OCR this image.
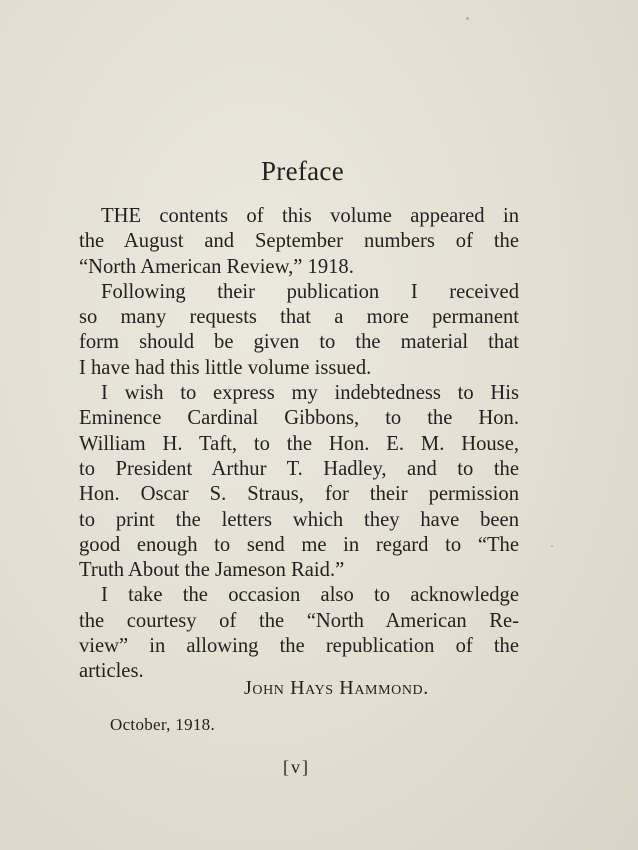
Preface
THE contents of this volume appeared in
the August and September numbers of the
“North American Review,” 1918.
Following their publication I received
so many requests that a more permanent
form should be given to the material that
I have had this little volume issued.
I wish to express my indebtedness to His
Eminence Cardinal Gibbons, to the Hon.
William H. Taft, to the Hon. E. M. House,
to President Arthur T. Hadley, and to the
Hon. Oscar S. Straus, for their permission
to print the letters which they have been
good enough to send me in regard to “The
Truth About the Jameson Raid.”
I take the occasion also to acknowledge
the courtesy of the “North American Re-
view” in allowing the republication of the
articles.
John Hays Hammond.
October, 1918.
[v]
